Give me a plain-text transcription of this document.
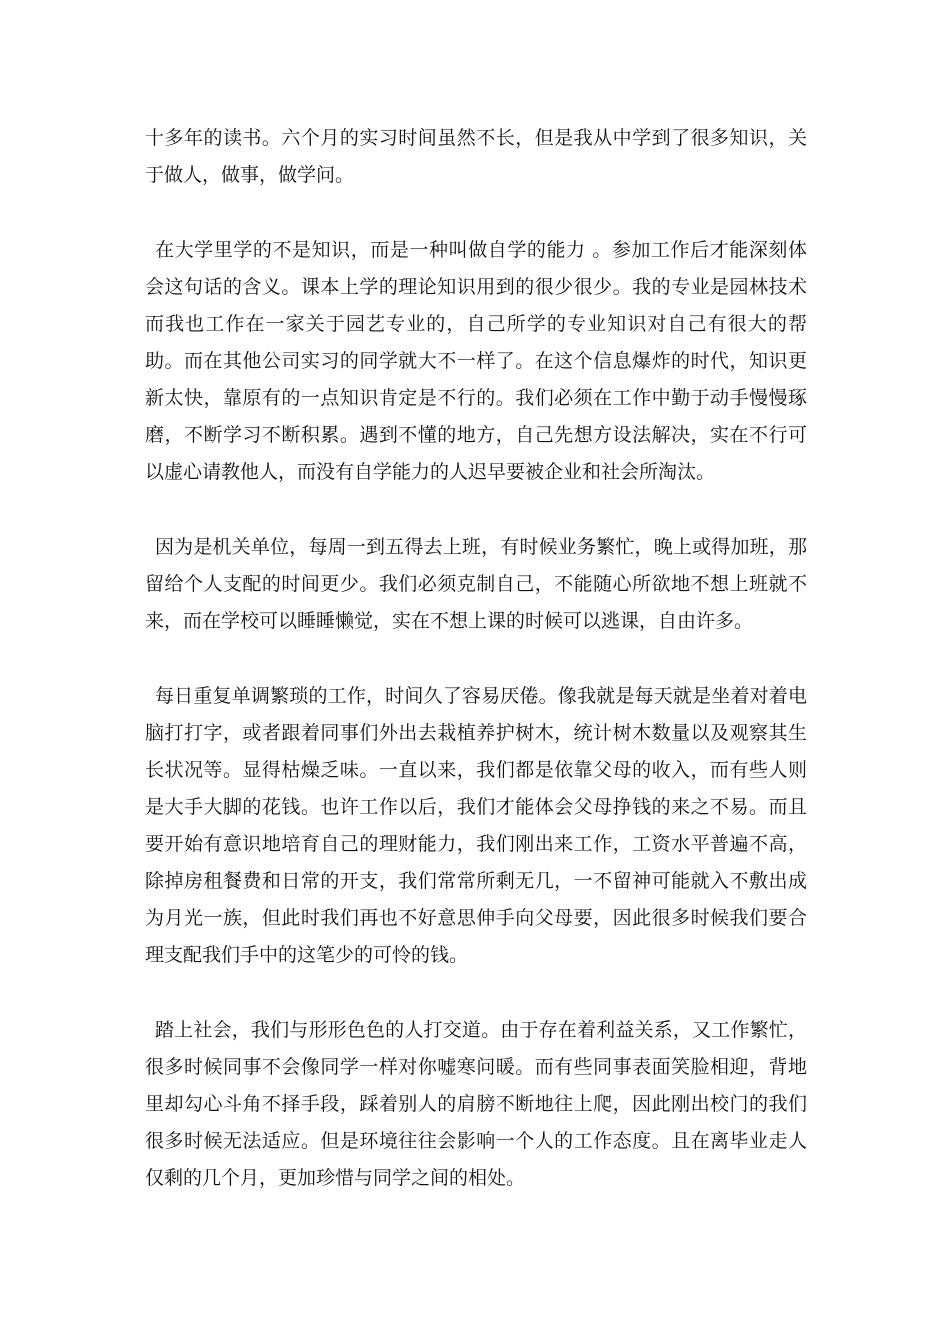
十多年的读书。六个月的实习时间虽然不长，但是我从中学到了很多知识，关于做人，做事，做学问。

在大学里学的不是知识，而是一种叫做自学的能力 。参加工作后才能深刻体会这句话的含义。课本上学的理论知识用到的很少很少。我的专业是园林技术而我也工作在一家关于园艺专业的，自己所学的专业知识对自己有很大的帮助。而在其他公司实习的同学就大不一样了。在这个信息爆炸的时代，知识更新太快，靠原有的一点知识肯定是不行的。我们必须在工作中勤于动手慢慢琢磨，不断学习不断积累。遇到不懂的地方，自己先想方设法解决，实在不行可以虚心请教他人，而没有自学能力的人迟早要被企业和社会所淘汰。

因为是机关单位，每周一到五得去上班，有时候业务繁忙，晚上或得加班，那留给个人支配的时间更少。我们必须克制自己，不能随心所欲地不想上班就不来，而在学校可以睡睡懒觉，实在不想上课的时候可以逃课，自由许多。

每日重复单调繁琐的工作，时间久了容易厌倦。像我就是每天就是坐着对着电脑打打字，或者跟着同事们外出去栽植养护树木，统计树木数量以及观察其生长状况等。显得枯燥乏味。一直以来，我们都是依靠父母的收入，而有些人则是大手大脚的花钱。也许工作以后，我们才能体会父母挣钱的来之不易。而且要开始有意识地培育自己的理财能力，我们刚出来工作，工资水平普遍不高，除掉房租餐费和日常的开支，我们常常所剩无几，一不留神可能就入不敷出成为月光一族，但此时我们再也不好意思伸手向父母要，因此很多时候我们要合理支配我们手中的这笔少的可怜的钱。

踏上社会，我们与形形色色的人打交道。由于存在着利益关系，又工作繁忙，很多时候同事不会像同学一样对你嘘寒问暖。而有些同事表面笑脸相迎，背地里却勾心斗角不择手段，踩着别人的肩膀不断地往上爬，因此刚出校门的我们很多时候无法适应。但是环境往往会影响一个人的工作态度。且在离毕业走人仅剩的几个月，更加珍惜与同学之间的相处。
